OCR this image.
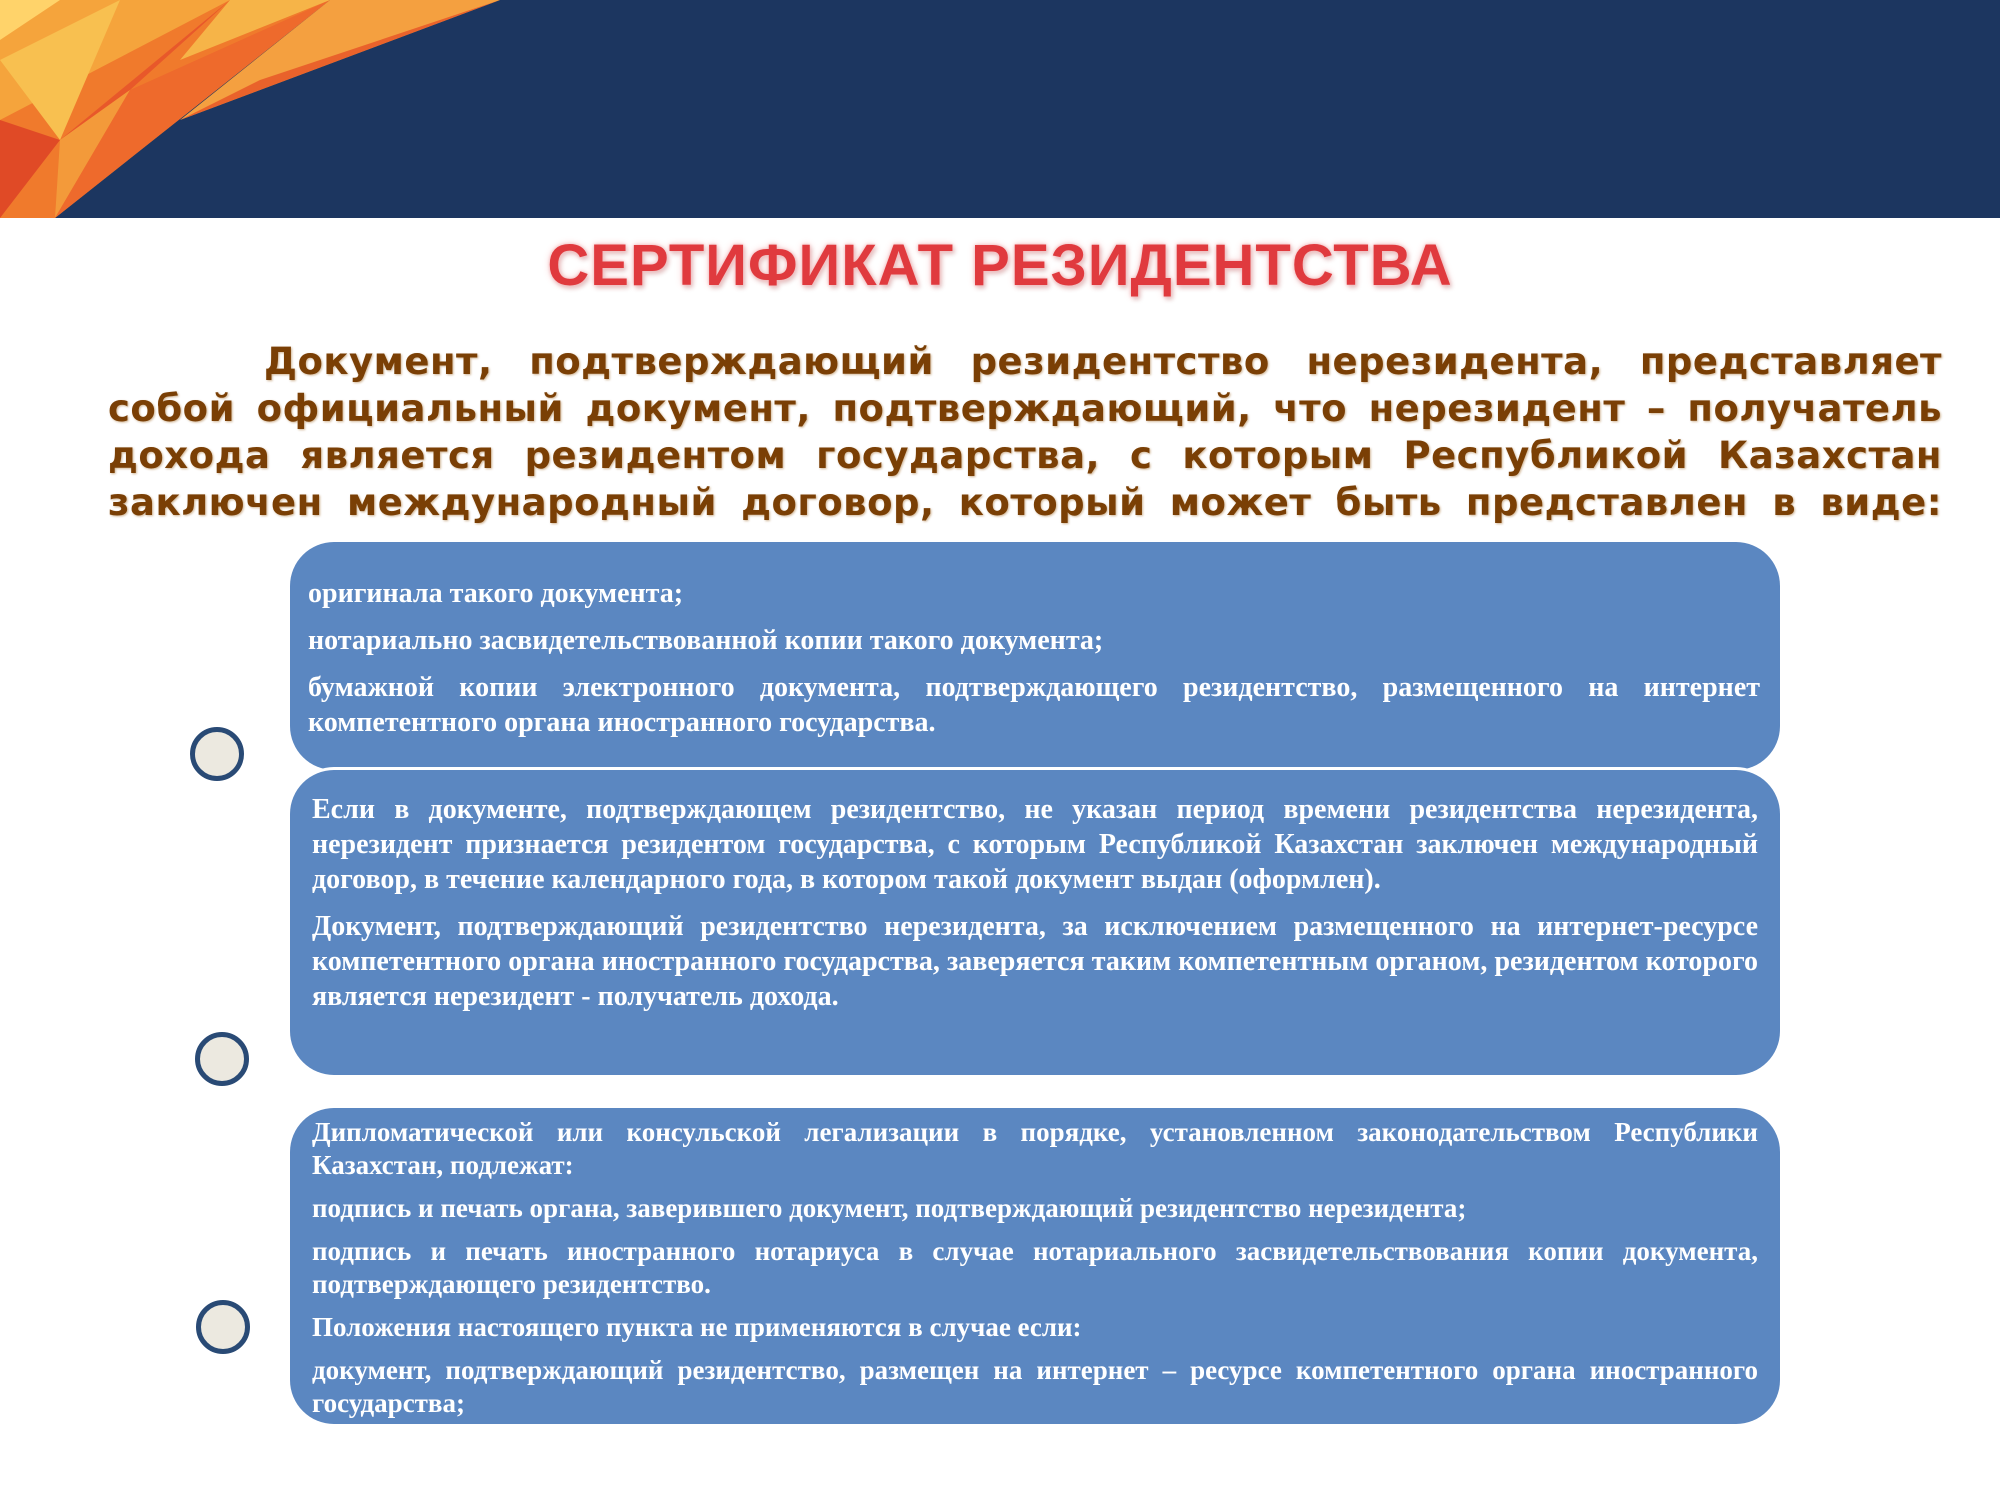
СЕРТИФИКАТ РЕЗИДЕНТСТВА

Документ, подтверждающий резидентство нерезидента, представляет собой официальный документ, подтверждающий, что нерезидент – получатель дохода является резидентом государства, с которым Республикой Казахстан заключен международный договор, который может быть представлен в виде:

оригинала такого документа;

нотариально засвидетельствованной копии такого документа;

бумажной копии электронного документа, подтверждающего резидентство, размещенного на интернет компетентного органа иностранного государства.

Если в документе, подтверждающем резидентство, не указан период времени резидентства нерезидента, нерезидент признается резидентом государства, с которым Республикой Казахстан заключен международный договор, в течение календарного года, в котором такой документ выдан (оформлен).

Документ, подтверждающий резидентство нерезидента, за исключением размещенного на интернет-ресурсе компетентного органа иностранного государства, заверяется таким компетентным органом, резидентом которого является нерезидент - получатель дохода.

Дипломатической или консульской легализации в порядке, установленном законодательством Республики Казахстан, подлежат:

подпись и печать органа, заверившего документ, подтверждающий резидентство нерезидента;

подпись и печать иностранного нотариуса в случае нотариального засвидетельствования копии документа, подтверждающего резидентство.

Положения настоящего пункта не применяются в случае если:

документ, подтверждающий резидентство, размещен на интернет – ресурсе компетентного органа иностранного государства;
